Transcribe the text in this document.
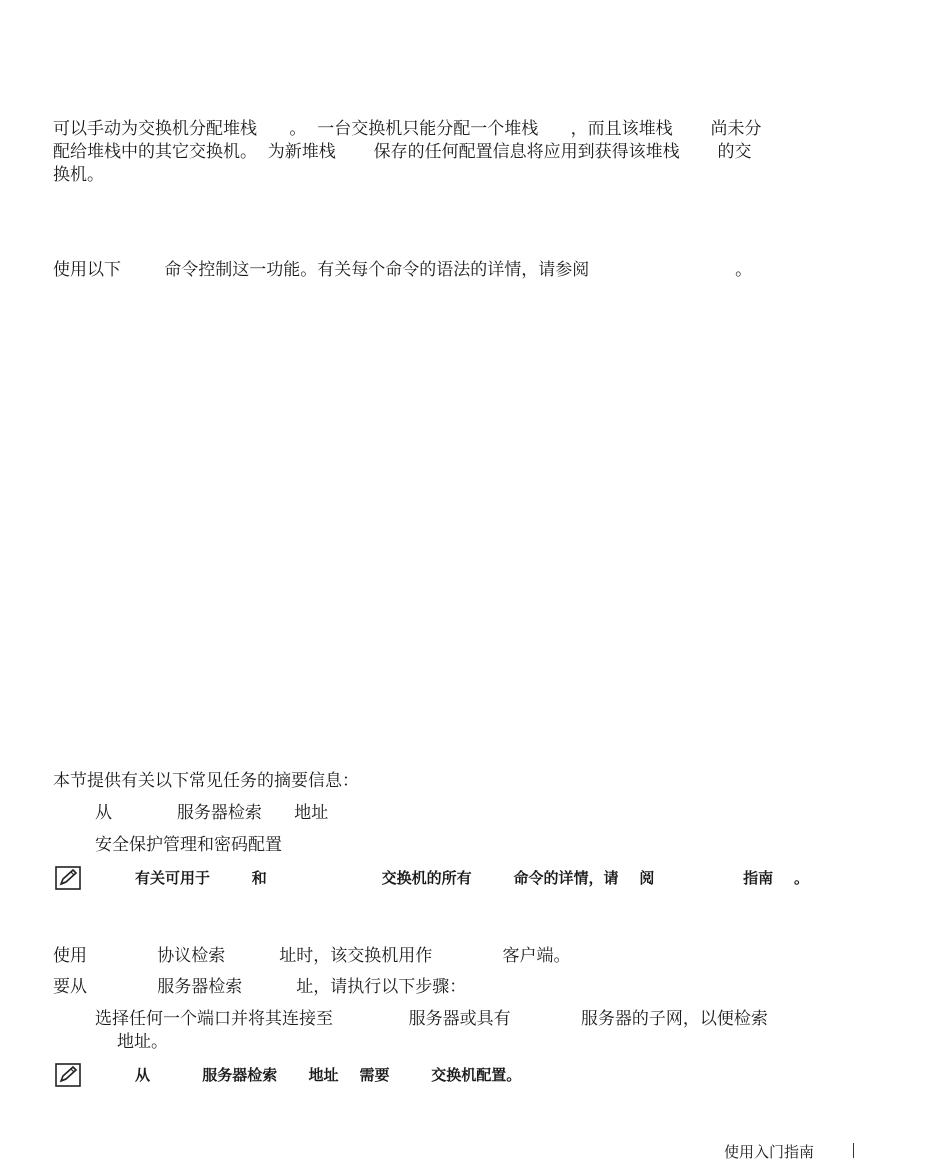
可以手动为交换机分配堆栈      。  一台交换机只能分配一个堆栈      ，而且该堆栈       尚未分

配给堆栈中的其它交换机。  为新堆栈       保存的任何配置信息将应用到获得该堆栈       的交

换机。

使用以下        命令控制这一功能。有关每个命令的语法的详情，请参阅                           。

本节提供有关以下常见任务的摘要信息：

从            服务器检索      地址

安全保护管理和密码配置

有关可用于        和                      交换机的所有        命令的详情，请    阅                 指南    。

使用             协议检索          址时，该交换机用作             客户端。

要从             服务器检索          址，请执行以下步骤：

选择任何一个端口并将其连接至              服务器或具有             服务器的子网，以便检索

地址。

从          服务器检索      地址    需要        交换机配置。

使用入门指南
